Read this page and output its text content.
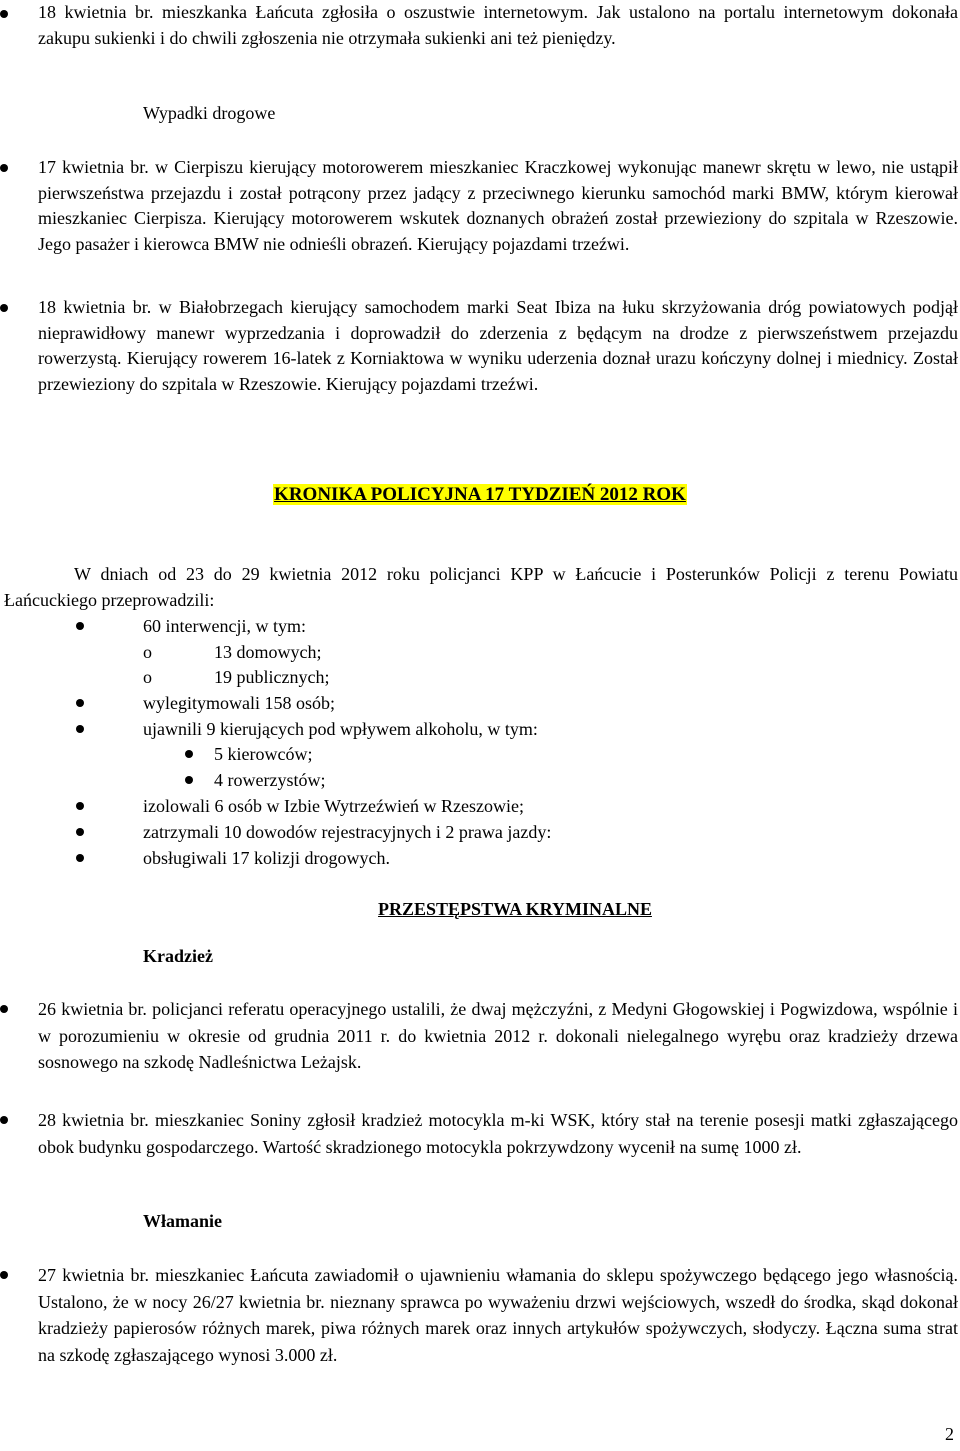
18 kwietnia br. mieszkanka Łańcuta zgłosiła o oszustwie internetowym. Jak ustalono na portalu internetowym dokonała zakupu sukienki i do chwili zgłoszenia nie otrzymała sukienki ani też pieniędzy.
Wypadki drogowe
17 kwietnia br. w Cierpiszu kierujący motorowerem mieszkaniec Kraczkowej wykonując manewr skrętu w lewo, nie ustąpił pierwszeństwa przejazdu i został potrącony przez jadący z przeciwnego kierunku samochód marki BMW, którym kierował mieszkaniec Cierpisza. Kierujący motorowerem wskutek doznanych obrażeń został przewieziony do szpitala w Rzeszowie. Jego pasażer i kierowca BMW nie odnieśli obrazeń. Kierujący pojazdami trzeźwi.
18 kwietnia br. w Białobrzegach kierujący samochodem marki Seat Ibiza na łuku skrzyżowania dróg powiatowych podjął nieprawidłowy manewr wyprzedzania i doprowadził do zderzenia z będącym na drodze z pierwszeństwem przejazdu rowerzystą. Kierujący rowerem 16-latek z Korniaktowa w wyniku uderzenia doznał urazu kończyny dolnej i miednicy. Został przewieziony do szpitala w Rzeszowie. Kierujący pojazdami trzeźwi.
KRONIKA POLICYJNA 17 TYDZIEŃ 2012 ROK
W dniach od 23 do 29 kwietnia 2012 roku policjanci KPP w Łańcucie i Posterunków Policji z terenu Powiatu Łańcuckiego przeprowadzili:
60 interwencji, w tym:
o	13 domowych;
o	19 publicznych;
wylegitymowali 158 osób;
ujawnili 9 kierujących pod wpływem alkoholu, w tym:
5 kierowców;
4 rowerzystów;
izolowali 6 osób w Izbie Wytrzeźwień w Rzeszowie;
zatrzymali 10 dowodów rejestracyjnych i 2 prawa jazdy:
obsługiwali 17 kolizji drogowych.
PRZESTĘPSTWA KRYMINALNE
Kradzież
26 kwietnia br. policjanci referatu operacyjnego ustalili, że dwaj mężczyźni, z Medyni Głogowskiej i Pogwizdowa, wspólnie i w porozumieniu w okresie od grudnia 2011 r. do kwietnia 2012 r. dokonali nielegalnego wyrębu oraz kradzieży drzewa sosnowego na szkodę Nadleśnictwa Leżajsk.
28 kwietnia br. mieszkaniec Soniny zgłosił kradzież motocykla m-ki WSK, który stał na terenie posesji matki zgłaszającego obok budynku gospodarczego. Wartość skradzionego motocykla pokrzywdzony wycenił na sumę 1000 zł.
Włamanie
27 kwietnia br. mieszkaniec Łańcuta zawiadomił o ujawnieniu włamania do sklepu spożywczego będącego jego własnością. Ustalono, że w nocy 26/27 kwietnia br. nieznany sprawca po wyważeniu drzwi wejściowych, wszedł do środka, skąd dokonał kradzieży papierosów różnych marek, piwa różnych marek oraz innych artykułów spożywczych, słodyczy. Łączna suma strat na szkodę zgłaszającego wynosi 3.000 zł.
2
